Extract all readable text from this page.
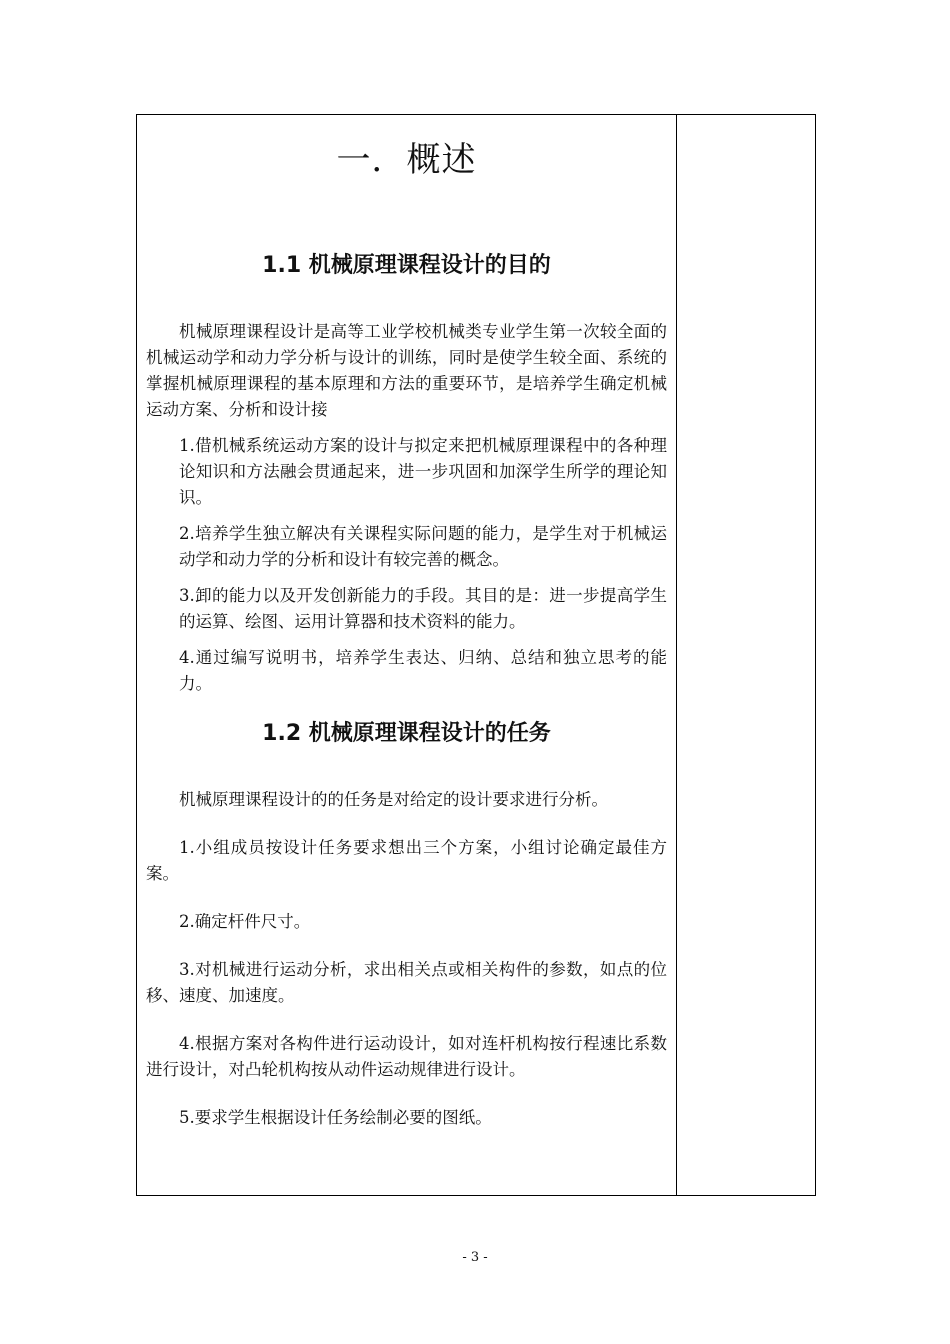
一．概述
1.1 机械原理课程设计的目的

机械原理课程设计是高等工业学校机械类专业学生第一次较全面的机械运动学和动力学分析与设计的训练，同时是使学生较全面、系统的掌握机械原理课程的基本原理和方法的重要环节，是培养学生确定机械运动方案、分析和设计接

1.借机械系统运动方案的设计与拟定来把机械原理课程中的各种理论知识和方法融会贯通起来，进一步巩固和加深学生所学的理论知识。

2.培养学生独立解决有关课程实际问题的能力，是学生对于机械运动学和动力学的分析和设计有较完善的概念。

3.卸的能力以及开发创新能力的手段。其目的是：进一步提高学生的运算、绘图、运用计算器和技术资料的能力。

4.通过编写说明书，培养学生表达、归纳、总结和独立思考的能力。

1.2 机械原理课程设计的任务

机械原理课程设计的的任务是对给定的设计要求进行分析。

1.小组成员按设计任务要求想出三个方案，小组讨论确定最佳方案。

2.确定杆件尺寸。

3.对机械进行运动分析，求出相关点或相关构件的参数，如点的位移、速度、加速度。

4.根据方案对各构件进行运动设计，如对连杆机构按行程速比系数进行设计，对凸轮机构按从动件运动规律进行设计。

5.要求学生根据设计任务绘制必要的图纸。

- 3 -
